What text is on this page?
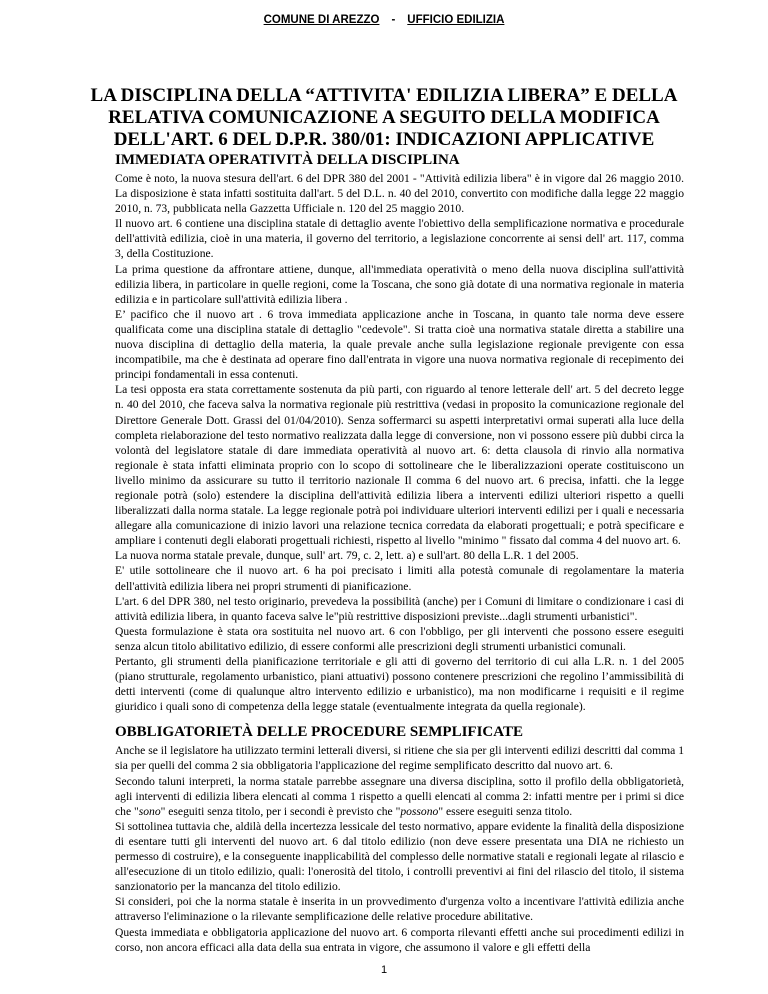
COMUNE DI AREZZO - UFFICIO EDILIZIA
LA DISCIPLINA DELLA “ATTIVITA' EDILIZIA LIBERA” E DELLA RELATIVA COMUNICAZIONE A SEGUITO DELLA MODIFICA DELL'ART. 6 DEL D.P.R. 380/01: INDICAZIONI APPLICATIVE
IMMEDIATA OPERATIVITÀ DELLA DISCIPLINA

Come è noto, la nuova stesura dell'art. 6 del DPR 380 del 2001 - "Attività edilizia libera" è in vigore dal 26 maggio 2010. La disposizione è stata infatti sostituita dall'art. 5 del D.L. n. 40 del 2010, convertito con modifiche dalla legge 22 maggio 2010, n. 73, pubblicata nella Gazzetta Ufficiale n. 120 del 25 maggio 2010.

Il nuovo art. 6 contiene una disciplina statale di dettaglio avente l'obiettivo della semplificazione normativa e procedurale dell'attività edilizia, cioè in una materia, il governo del territorio, a legislazione concorrente ai sensi dell' art. 117, comma 3, della Costituzione.

La prima questione da affrontare attiene, dunque, all'immediata operatività o meno della nuova disciplina sull'attività edilizia libera, in particolare in quelle regioni, come la Toscana, che sono già dotate di una normativa regionale in materia edilizia e in particolare sull'attività edilizia libera .

E’ pacifico che il nuovo art . 6 trova immediata applicazione anche in Toscana, in quanto tale norma deve essere qualificata come una disciplina statale di dettaglio "cedevole". Si tratta cioè una normativa statale diretta a stabilire una nuova disciplina di dettaglio della materia, la quale prevale anche sulla legislazione regionale previgente con essa incompatibile, ma che è destinata ad operare fino dall'entrata in vigore una nuova normativa regionale di recepimento dei principi fondamentali in essa contenuti.

La tesi opposta era stata correttamente sostenuta da più parti, con riguardo al tenore letterale dell' art. 5 del decreto legge n. 40 del 2010, che faceva salva la normativa regionale più restrittiva (vedasi in proposito la comunicazione regionale del Direttore Generale Dott. Grassi del 01/04/2010). Senza soffermarci su aspetti interpretativi ormai superati alla luce della completa rielaborazione del testo normativo realizzata dalla legge di conversione, non vi possono essere più dubbi circa la volontà del legislatore statale di dare immediata operatività al nuovo art. 6: detta clausola di rinvio alla normativa regionale è stata infatti eliminata proprio con lo scopo di sottolineare che le liberalizzazioni operate costituiscono un livello minimo da assicurare su tutto il territorio nazionale Il comma 6 del nuovo art. 6 precisa, infatti. che la legge regionale potrà (solo) estendere la disciplina dell'attività edilizia libera a interventi edilizi ulteriori rispetto a quelli liberalizzati dalla norma statale. La legge regionale potrà poi individuare ulteriori interventi edilizi per i quali e necessaria allegare alla comunicazione di inizio lavori una relazione tecnica corredata da elaborati progettuali; e potrà specificare e ampliare i contenuti degli elaborati progettuali richiesti, rispetto al livello "minimo " fissato dal comma 4 del nuovo art. 6.

La nuova norma statale prevale, dunque, sull' art. 79, c. 2, lett. a) e sull'art. 80 della L.R. 1 del 2005.

E' utile sottolineare che il nuovo art. 6 ha poi precisato i limiti alla potestà comunale di regolamentare la materia dell'attività edilizia libera nei propri strumenti di pianificazione.

L'art. 6 del DPR 380, nel testo originario, prevedeva la possibilità (anche) per i Comuni di limitare o condizionare i casi di attività edilizia libera, in quanto faceva salve le"più restrittive disposizioni previste...dagli strumenti urbanistici".

Questa formulazione è stata ora sostituita nel nuovo art. 6 con l'obbligo, per gli interventi che possono essere eseguiti senza alcun titolo abilitativo edilizio, di essere conformi alle prescrizioni degli strumenti urbanistici comunali.

Pertanto, gli strumenti della pianificazione territoriale e gli atti di governo del territorio di cui alla L.R. n. 1 del 2005 (piano strutturale, regolamento urbanistico, piani attuativi) possono contenere prescrizioni che regolino l’ammissibilità di detti interventi (come di qualunque altro intervento edilizio e urbanistico), ma non modificarne i requisiti e il regime giuridico i quali sono di competenza della legge statale (eventualmente integrata da quella regionale).

OBBLIGATORIETÀ DELLE PROCEDURE SEMPLIFICATE

Anche se il legislatore ha utilizzato termini letterali diversi, si ritiene che sia per gli interventi edilizi descritti dal comma 1 sia per quelli del comma 2 sia obbligatoria l'applicazione del regime semplificato descritto dal nuovo art. 6.

Secondo taluni interpreti, la norma statale parrebbe assegnare una diversa disciplina, sotto il profilo della obbligatorietà, agli interventi di edilizia libera elencati al comma 1 rispetto a quelli elencati al comma 2: infatti mentre per i primi si dice che "sono" eseguiti senza titolo, per i secondi è previsto che "possono" essere eseguiti senza titolo.

Si sottolinea tuttavia che, aldilà della incertezza lessicale del testo normativo, appare evidente la finalità della disposizione di esentare tutti gli interventi del nuovo art. 6 dal titolo edilizio (non deve essere presentata una DIA ne richiesto un permesso di costruire), e la conseguente inapplicabilità del complesso delle normative statali e regionali legate al rilascio e all'esecuzione di un titolo edilizio, quali: l'onerosità del titolo, i controlli preventivi ai fini del rilascio del titolo, il sistema sanzionatorio per la mancanza del titolo edilizio.

Si consideri, poi che la norma statale è inserita in un provvedimento d'urgenza volto a incentivare l'attività edilizia anche attraverso l'eliminazione o la rilevante semplificazione delle relative procedure abilitative.

Questa immediata e obbligatoria applicazione del nuovo art. 6 comporta rilevanti effetti anche sui procedimenti edilizi in corso, non ancora efficaci alla data della sua entrata in vigore, che assumono il valore e gli effetti della

1
